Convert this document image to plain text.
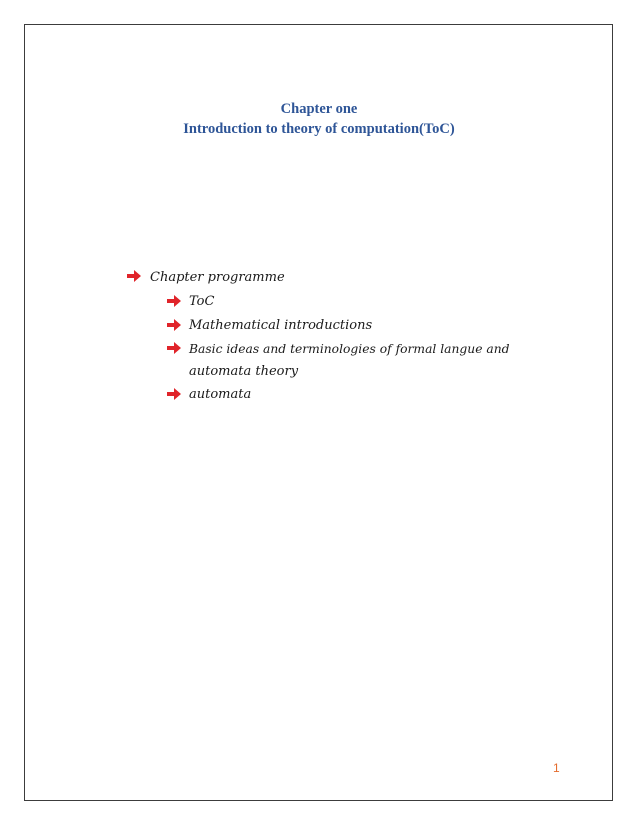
Chapter one
Introduction to theory of computation(ToC)
Chapter programme
ToC
Mathematical introductions
Basic ideas and terminologies of formal langue and
automata theory
automata
1
